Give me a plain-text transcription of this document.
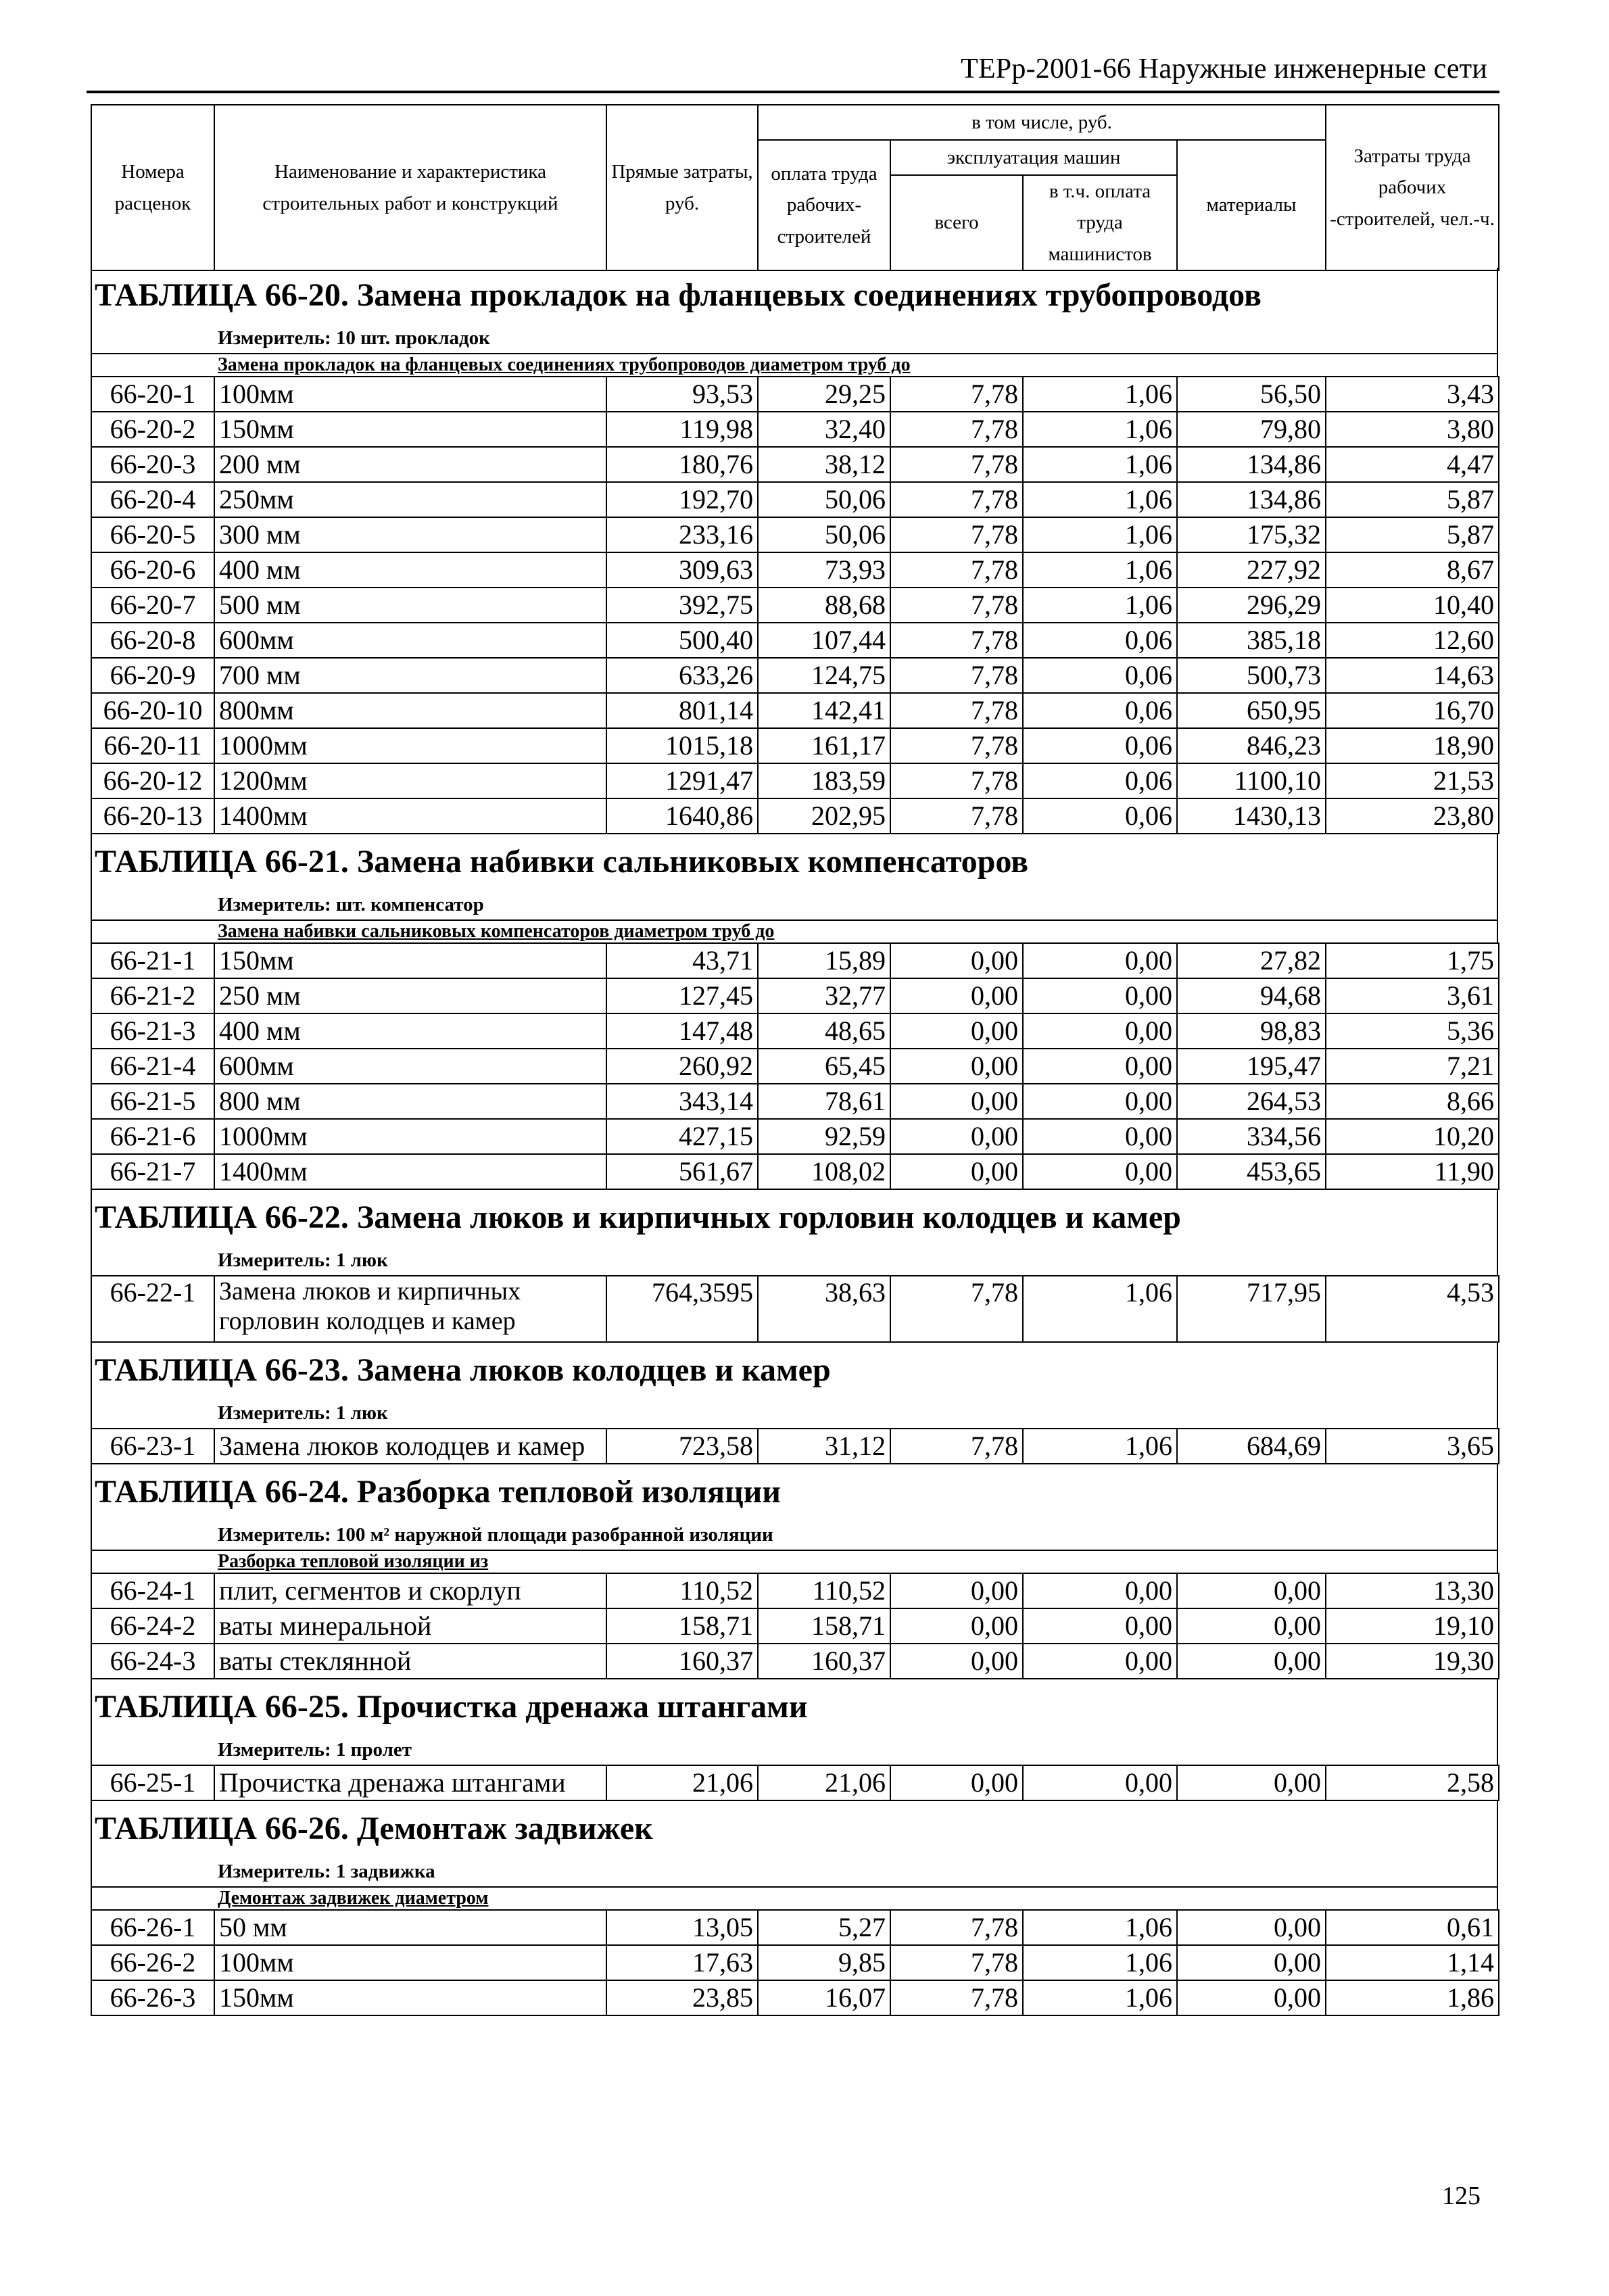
ТЕРр-2001-66 Наружные инженерные сети
Номера расценок	Наименование и характеристика строительных работ и конструкций	Прямые затраты, руб.	в том числе, руб.				Затраты труда рабочих -строителей, чел.-ч.
			оплата труда рабочих-строителей	эксплуатация машин		материалы	
				всего	в т.ч. оплата труда машинистов		

ТАБЛИЦА 66-20. Замена прокладок на фланцевых соединениях трубопроводов
Измеритель: 10 шт. прокладок
Замена прокладок на фланцевых соединениях трубопроводов диаметром труб до
66-20-1	100мм	93,53	29,25	7,78	1,06	56,50	3,43
66-20-2	150мм	119,98	32,40	7,78	1,06	79,80	3,80
66-20-3	200 мм	180,76	38,12	7,78	1,06	134,86	4,47
66-20-4	250мм	192,70	50,06	7,78	1,06	134,86	5,87
66-20-5	300 мм	233,16	50,06	7,78	1,06	175,32	5,87
66-20-6	400 мм	309,63	73,93	7,78	1,06	227,92	8,67
66-20-7	500 мм	392,75	88,68	7,78	1,06	296,29	10,40
66-20-8	600мм	500,40	107,44	7,78	0,06	385,18	12,60
66-20-9	700 мм	633,26	124,75	7,78	0,06	500,73	14,63
66-20-10	800мм	801,14	142,41	7,78	0,06	650,95	16,70
66-20-11	1000мм	1015,18	161,17	7,78	0,06	846,23	18,90
66-20-12	1200мм	1291,47	183,59	7,78	0,06	1100,10	21,53
66-20-13	1400мм	1640,86	202,95	7,78	0,06	1430,13	23,80
ТАБЛИЦА 66-21. Замена набивки сальниковых компенсаторов
Измеритель: шт. компенсатор
Замена набивки сальниковых компенсаторов диаметром труб до
66-21-1	150мм	43,71	15,89	0,00	0,00	27,82	1,75
66-21-2	250 мм	127,45	32,77	0,00	0,00	94,68	3,61
66-21-3	400 мм	147,48	48,65	0,00	0,00	98,83	5,36
66-21-4	600мм	260,92	65,45	0,00	0,00	195,47	7,21
66-21-5	800 мм	343,14	78,61	0,00	0,00	264,53	8,66
66-21-6	1000мм	427,15	92,59	0,00	0,00	334,56	10,20
66-21-7	1400мм	561,67	108,02	0,00	0,00	453,65	11,90
ТАБЛИЦА 66-22. Замена люков и кирпичных горловин колодцев и камер
Измеритель: 1 люк
66-22-1	Замена люков и кирпичных горловин колодцев и камер	764,3595	38,63	7,78	1,06	717,95	4,53
ТАБЛИЦА 66-23. Замена люков колодцев и камер
Измеритель: 1 люк
66-23-1	Замена люков колодцев и камер	723,58	31,12	7,78	1,06	684,69	3,65
ТАБЛИЦА 66-24. Разборка тепловой изоляции
Измеритель: 100 м² наружной площади разобранной изоляции
Разборка тепловой изоляции из
66-24-1	плит, сегментов и скорлуп	110,52	110,52	0,00	0,00	0,00	13,30
66-24-2	ваты минеральной	158,71	158,71	0,00	0,00	0,00	19,10
66-24-3	ваты стеклянной	160,37	160,37	0,00	0,00	0,00	19,30
ТАБЛИЦА 66-25. Прочистка дренажа штангами
Измеритель: 1 пролет
66-25-1	Прочистка дренажа штангами	21,06	21,06	0,00	0,00	0,00	2,58
ТАБЛИЦА 66-26. Демонтаж задвижек
Измеритель: 1 задвижка
Демонтаж задвижек диаметром
66-26-1	50 мм	13,05	5,27	7,78	1,06	0,00	0,61
66-26-2	100мм	17,63	9,85	7,78	1,06	0,00	1,14
66-26-3	150мм	23,85	16,07	7,78	1,06	0,00	1,86
125
